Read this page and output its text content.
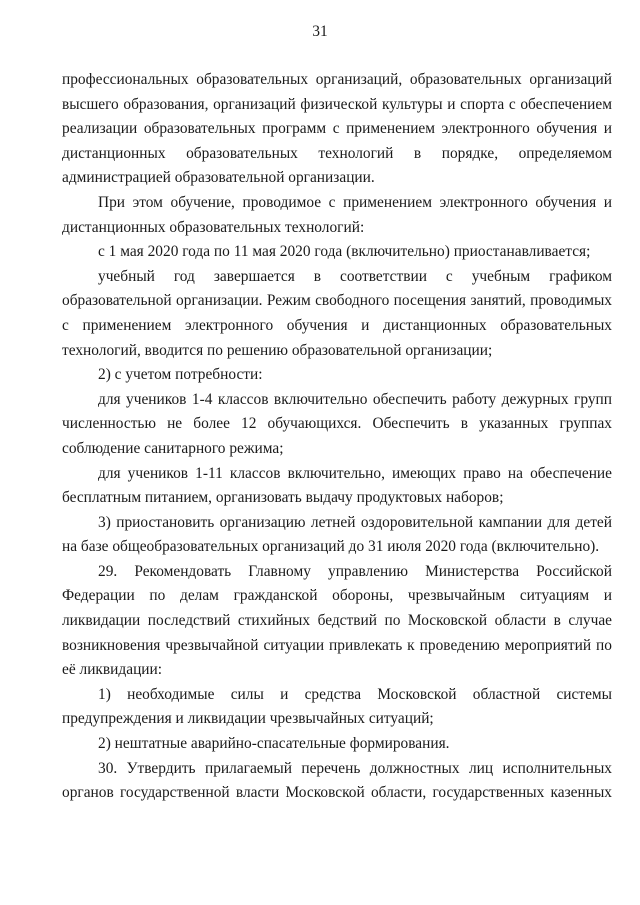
31

профессиональных образовательных организаций, образовательных организаций высшего образования, организаций физической культуры и спорта с обеспечением реализации образовательных программ с применением электронного обучения и дистанционных образовательных технологий в порядке, определяемом администрацией образовательной организации.

При этом обучение, проводимое с применением электронного обучения и дистанционных образовательных технологий:

с 1 мая 2020 года по 11 мая 2020 года (включительно) приостанавливается;

учебный год завершается в соответствии с учебным графиком образовательной организации. Режим свободного посещения занятий, проводимых с применением электронного обучения и дистанционных образовательных технологий, вводится по решению образовательной организации;

2) с учетом потребности:

для учеников 1-4 классов включительно обеспечить работу дежурных групп численностью не более 12 обучающихся. Обеспечить в указанных группах соблюдение санитарного режима;

для учеников 1-11 классов включительно, имеющих право на обеспечение бесплатным питанием, организовать выдачу продуктовых наборов;

3) приостановить организацию летней оздоровительной кампании для детей на базе общеобразовательных организаций до 31 июля 2020 года (включительно).

29. Рекомендовать Главному управлению Министерства Российской Федерации по делам гражданской обороны, чрезвычайным ситуациям и ликвидации последствий стихийных бедствий по Московской области в случае возникновения чрезвычайной ситуации привлекать к проведению мероприятий по её ликвидации:

1) необходимые силы и средства Московской областной системы предупреждения и ликвидации чрезвычайных ситуаций;

2) нештатные аварийно-спасательные формирования.

30. Утвердить прилагаемый перечень должностных лиц исполнительных органов государственной власти Московской области, государственных казенных
